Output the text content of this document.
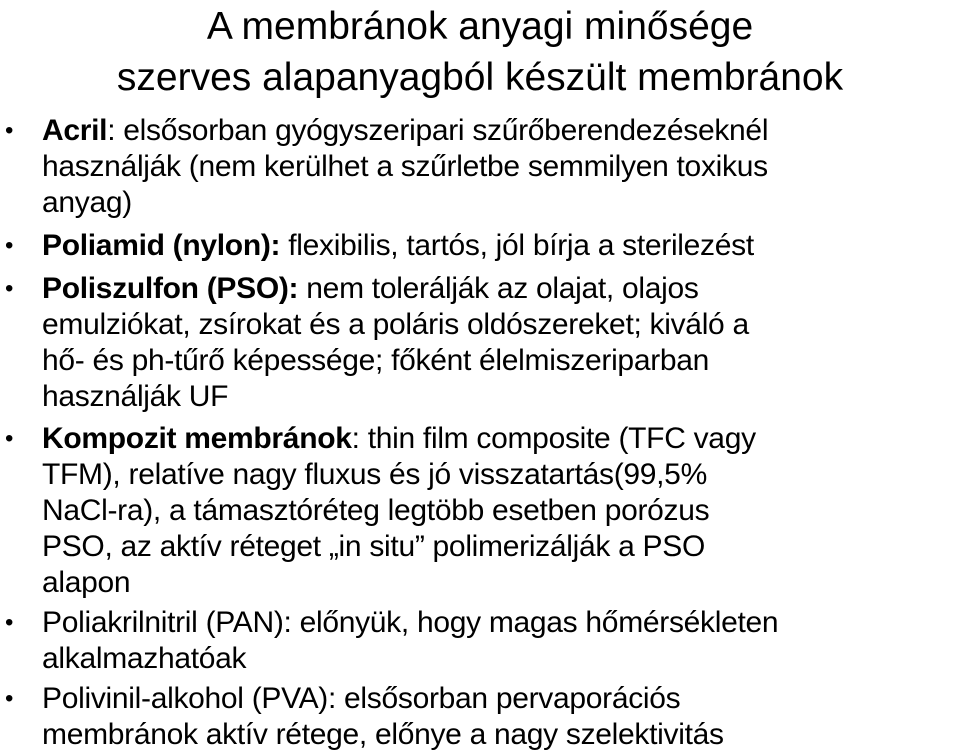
A membránok anyagi minősége
szerves alapanyagból készült membránok
• Acril: elsősorban gyógyszeripari szűrőberendezéseknél
használják (nem kerülhet a szűrletbe semmilyen toxikus
anyag)
• Poliamid (nylon): flexibilis, tartós, jól bírja a sterilezést
• Poliszulfon (PSO): nem tolerálják az olajat, olajos
emulziókat, zsírokat és a poláris oldószereket; kiváló a
hő- és ph-tűrő képessége; főként élelmiszeriparban
használják UF
• Kompozit membránok: thin film composite (TFC vagy
TFM), relatíve nagy fluxus és jó visszatartás(99,5%
NaCl-ra), a támasztóréteg legtöbb esetben porózus
PSO, az aktív réteget „in situ” polimerizálják a PSO
alapon
• Poliakrilnitril (PAN): előnyük, hogy magas hőmérsékleten
alkalmazhatóak
• Polivinil-alkohol (PVA): elsősorban pervaporációs
membránok aktív rétege, előnye a nagy szelektivitás
